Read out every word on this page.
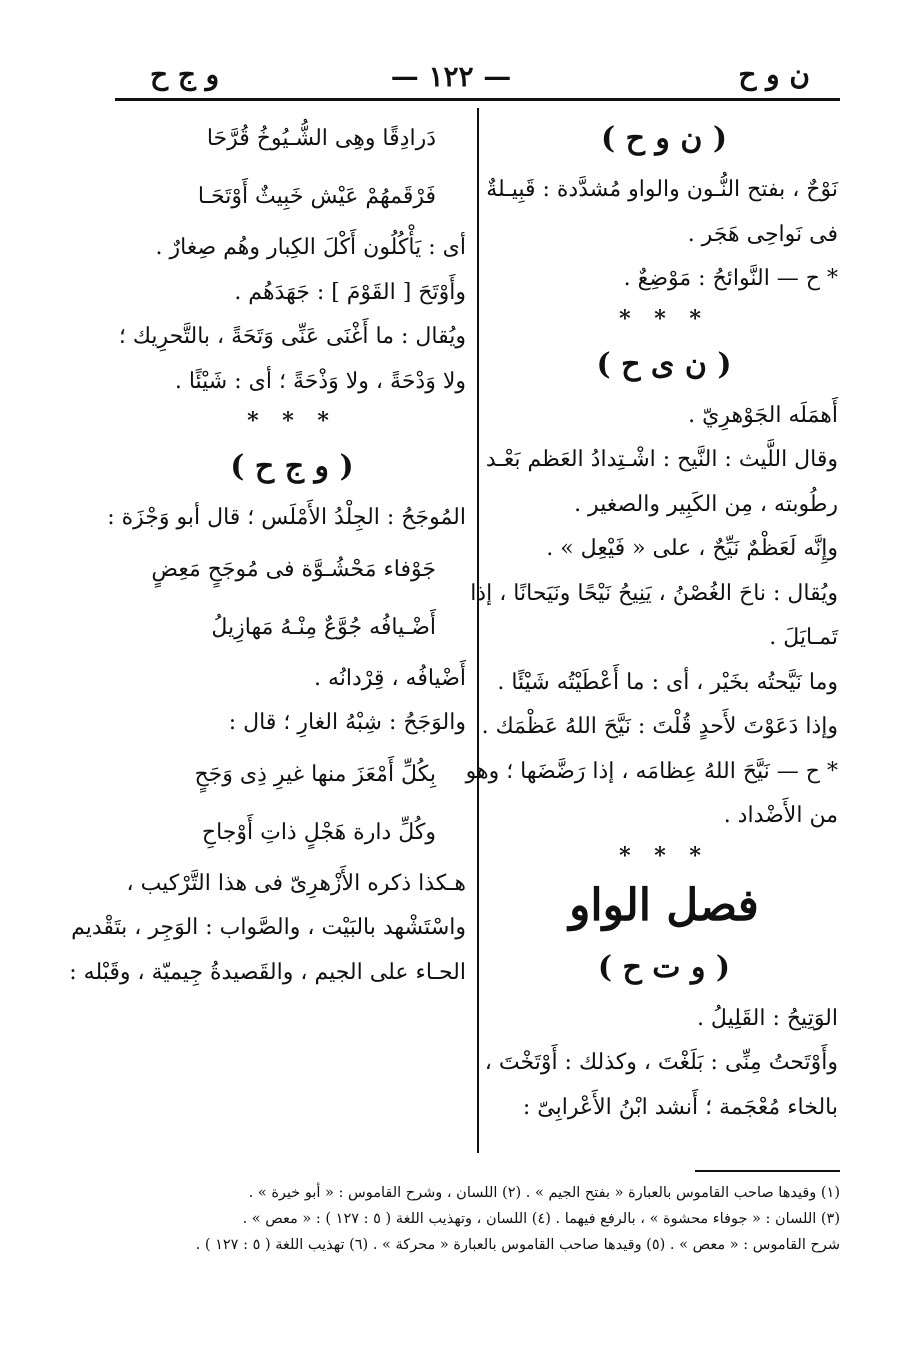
ن و ح
— ١٢٢ —
و ج ح
( ن و ح )
نَوْحٌ ، بفتح النُّـون والواو مُشدَّدة : قَبِيـلةٌ
فى نَواحِى هَجَر .
* ح — النَّوائحُ : مَوْضِعٌ .
* * *
( ن ى ح )
أَهمَلَه الجَوْهرِيّ .
وقال اللَّيث : النَّيح : اشْـتِدادُ العَظم بَعْـد
رطُوبته ، مِن الكَبِير والصغير .
وإِنَّه لَعَظْمٌ نَيِّحٌ ، على « فَيْعِل » .
ويُقال : ناحَ الغُصْنُ ، يَنِيحُ نَيْحًا ونَيَحانًا ، إذا
تَمـايَلَ .
وما نَيَّحتُه بخَيْر ، أى : ما أَعْطَيْتُه شَيْئًا .
وإذا دَعَوْتَ لأَحدٍ قُلْتَ : نَيَّحَ اللهُ عَظْمَك .
* ح — نَيَّحَ اللهُ عِظامَه ، إذا رَضَّضَها ؛ وهو
من الأَضْداد .
* * *
فصل الواو
( و ت ح )
الوَتِيحُ : القَلِيلُ .
وأَوْتَحتُ مِنِّى : بَلَغْتَ ، وكذلك : أَوْتَخْتَ ،
بالخاء مُعْجَمة ؛ أَنشد ابْنُ الأَعْرابِىّ :
دَرادِقًا وهِى الشُّـيُوخُ قُرَّحَا
فَرْقَمهُمْ عَيْش خَبِيثٌ أَوْتَحَـا
أى : يَأْكُلُون أَكْلَ الكِبار وهُم صِغارٌ .
وأَوْتَحَ [ القَوْمَ ] : جَهَدَهُم .
ويُقال : ما أَغْنَى عَنِّى وَتَحَةً ، بالتَّحرِيك ؛
ولا وَدْحَةً ، ولا وَذْحَةً ؛ أى : شَيْئًا .
* * *
( و ج ح )
المُوجَحُ : الجِلْدُ الأَمْلَس ؛ قال أبو وَجْزَة :
جَوْفاء مَحْشُـوَّة فى مُوجَحٍ مَعِضٍ
أَضْـيافُه جُوَّعٌ مِنْـهُ مَهازِيلُ
أَضْيافُه ، قِرْدانُه .
والوَجَحُ : شِبْهُ الغارِ ؛ قال :
بِكُلِّ أَمْعَزَ منها غيرِ ذِى وَجَحٍ
وكُلِّ دارة هَجْلٍ ذاتِ أَوْجاحِ
هـكذا ذكره الأَزْهرِىّ فى هذا التَّرْكيب ،
واسْتَشْهد بالبَيْت ، والصَّواب : الوَجِر ، بتَقْديم
الحـاء على الجيم ، والقَصيدةُ جِيميّة ، وقَبْله :
(١) وقيدها صاحب القاموس بالعبارة « بفتح الجيم » . (٢) اللسان ، وشرح القاموس : « أبو خيرة » .
(٣) اللسان : « جوفاء محشوة » ، بالرفع فيهما . (٤) اللسان ، وتهذيب اللغة ( ٥ : ١٢٧ ) : « معص » .
شرح القاموس : « معص » . (٥) وقيدها صاحب القاموس بالعبارة « محركة » . (٦) تهذيب اللغة ( ٥ : ١٢٧ ) .
